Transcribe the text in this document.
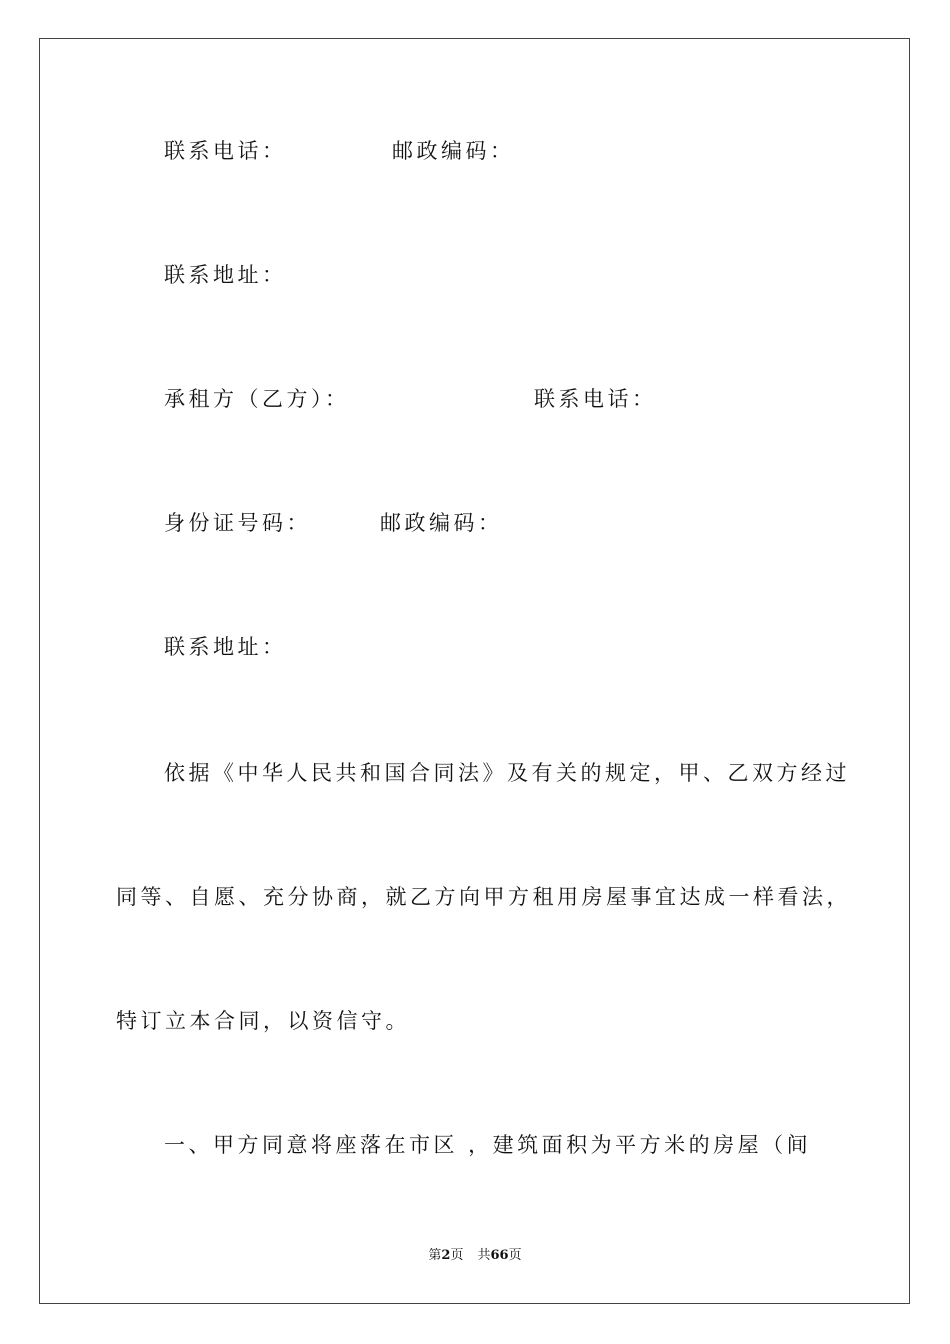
联系电话：	邮政编码：
联系地址：
承租方（乙方）：	联系电话：
身份证号码：	邮政编码：
联系地址：
依据《中华人民共和国合同法》及有关的规定，甲、乙双方经过
同等、自愿、充分协商，就乙方向甲方租用房屋事宜达成一样看法，
特订立本合同，以资信守。
一、甲方同意将座落在市区 ，建筑面积为平方米的房屋（间
第2页 共66页
